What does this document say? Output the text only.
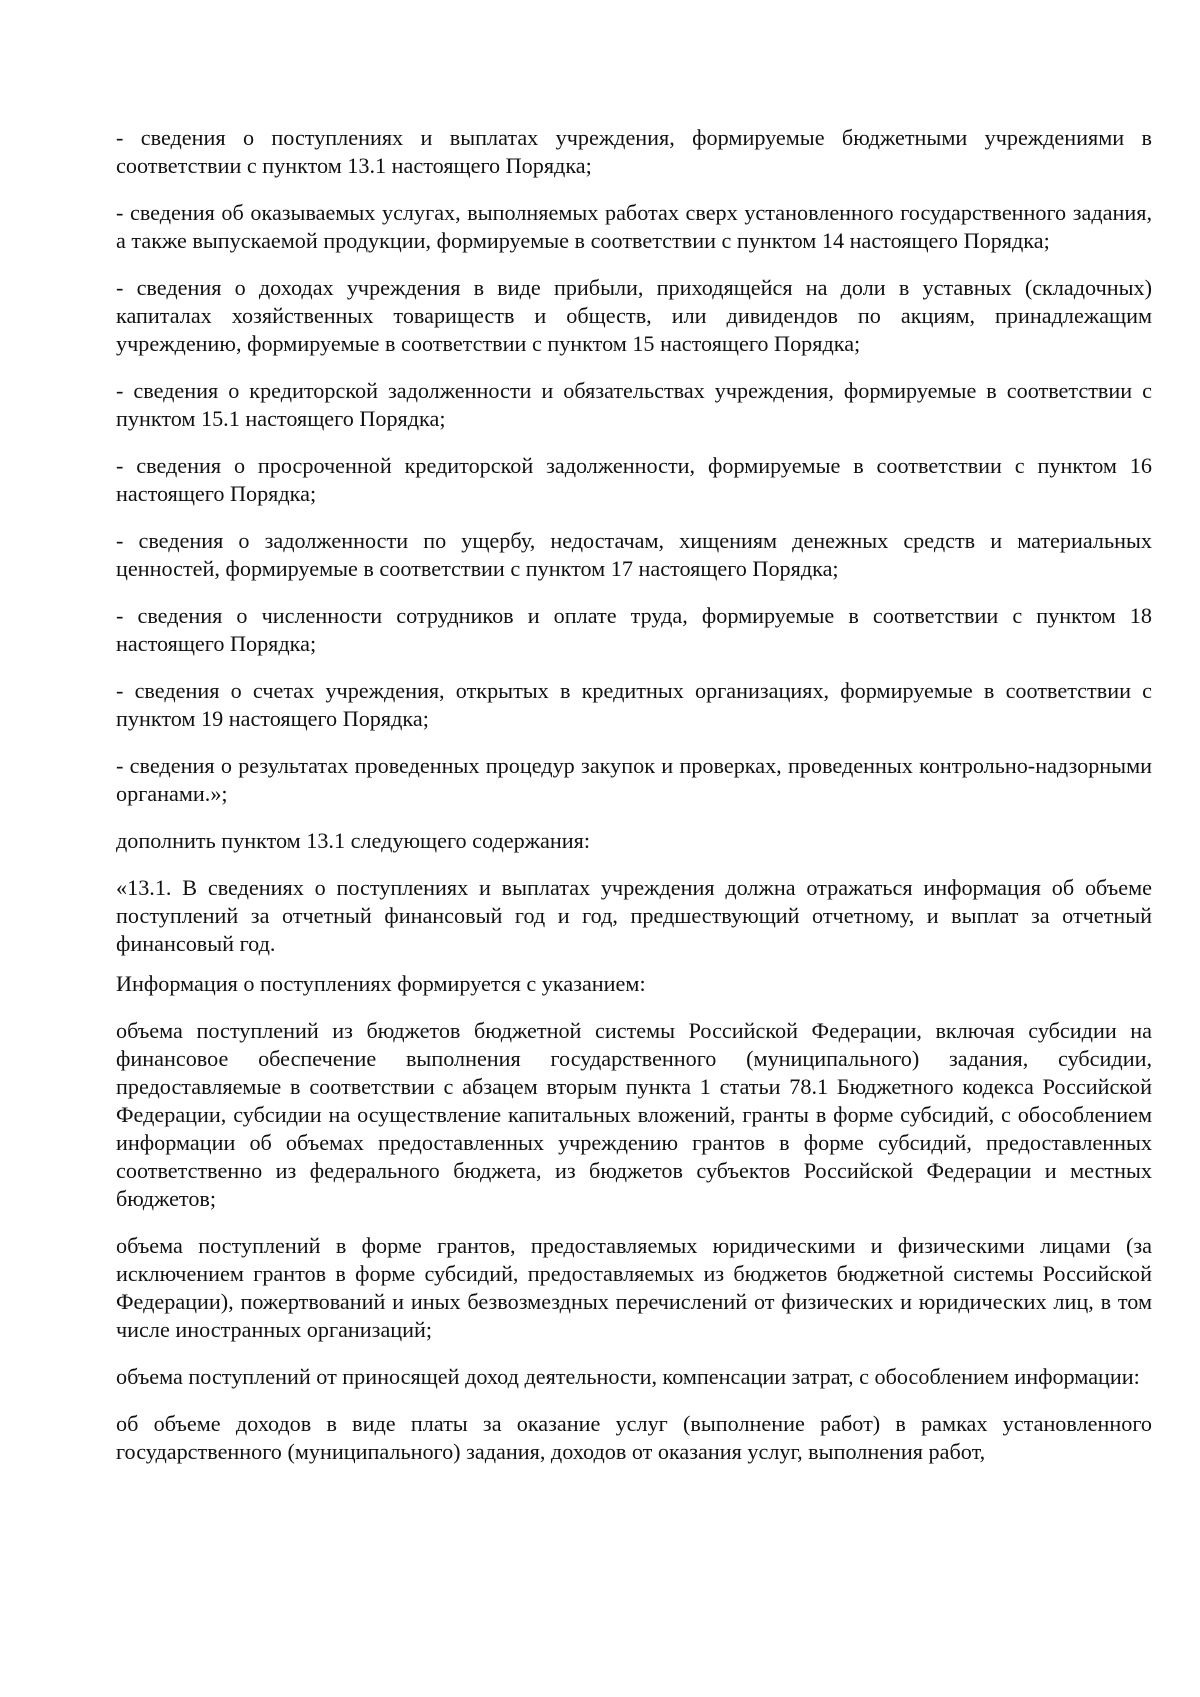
- сведения о поступлениях и выплатах учреждения, формируемые бюджетными учреждениями в соответствии с пунктом 13.1 настоящего Порядка;

- сведения об оказываемых услугах, выполняемых работах сверх установленного государственного задания, а также выпускаемой продукции, формируемые в соответствии с пунктом 14 настоящего Порядка;

- сведения о доходах учреждения в виде прибыли, приходящейся на доли в уставных (складочных) капиталах хозяйственных товариществ и обществ, или дивидендов по акциям, принадлежащим учреждению, формируемые в соответствии с пунктом 15 настоящего Порядка;

- сведения о кредиторской задолженности и обязательствах учреждения, формируемые в соответствии с пунктом 15.1 настоящего Порядка;

- сведения о просроченной кредиторской задолженности, формируемые в соответствии с пунктом 16 настоящего Порядка;

- сведения о задолженности по ущербу, недостачам, хищениям денежных средств и материальных ценностей, формируемые в соответствии с пунктом 17 настоящего Порядка;

- сведения о численности сотрудников и оплате труда, формируемые в соответствии с пунктом 18 настоящего Порядка;

- сведения о счетах учреждения, открытых в кредитных организациях, формируемые в соответствии с пунктом 19 настоящего Порядка;

- сведения о результатах проведенных процедур закупок и проверках, проведенных контрольно-надзорными органами.»;

дополнить пунктом 13.1 следующего содержания:

«13.1. В сведениях о поступлениях и выплатах учреждения должна отражаться информация об объеме поступлений за отчетный финансовый год и год, предшествующий отчетному, и выплат за отчетный финансовый год.

Информация о поступлениях формируется с указанием:

объема поступлений из бюджетов бюджетной системы Российской Федерации, включая субсидии на финансовое обеспечение выполнения государственного (муниципального) задания, субсидии, предоставляемые в соответствии с абзацем вторым пункта 1 статьи 78.1 Бюджетного кодекса Российской Федерации, субсидии на осуществление капитальных вложений, гранты в форме субсидий, с обособлением информации об объемах предоставленных учреждению грантов в форме субсидий, предоставленных соответственно из федерального бюджета, из бюджетов субъектов Российской Федерации и местных бюджетов;

объема поступлений в форме грантов, предоставляемых юридическими и физическими лицами (за исключением грантов в форме субсидий, предоставляемых из бюджетов бюджетной системы Российской Федерации), пожертвований и иных безвозмездных перечислений от физических и юридических лиц, в том числе иностранных организаций;

объема поступлений от приносящей доход деятельности, компенсации затрат, с обособлением информации:

об объеме доходов в виде платы за оказание услуг (выполнение работ) в рамках установленного государственного (муниципального) задания, доходов от оказания услуг, выполнения работ,
